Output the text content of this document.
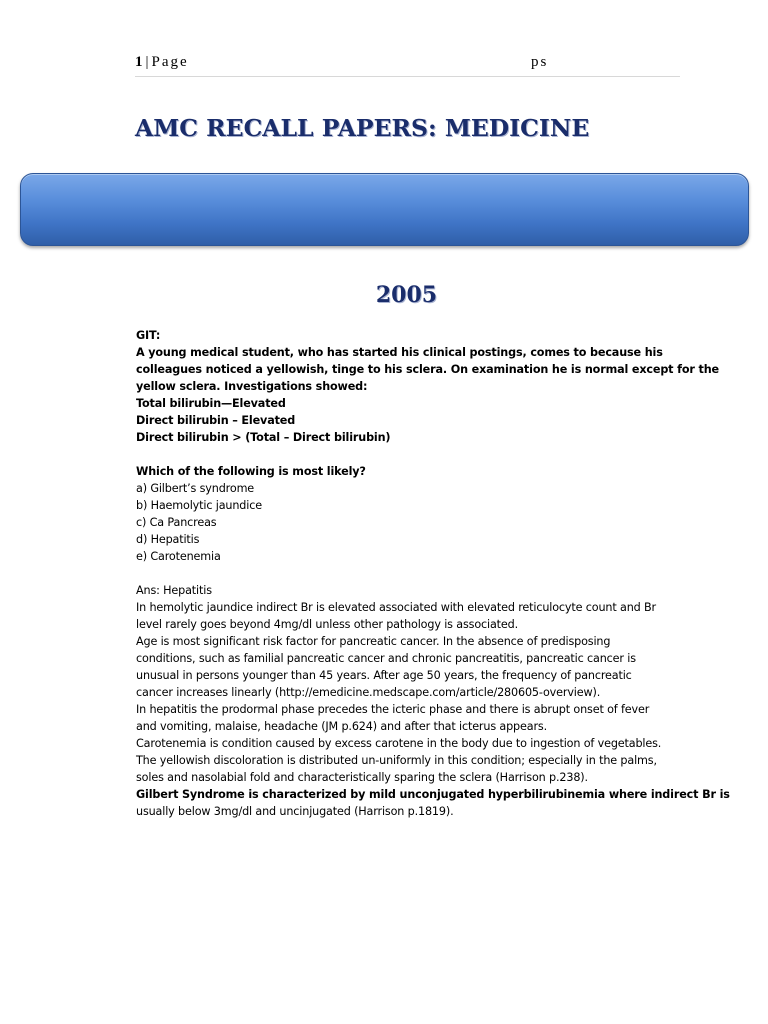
1|Page	ps
AMC RECALL PAPERS: MEDICINE
2005
GIT:
A young medical student, who has started his clinical postings, comes to because his
colleagues noticed a yellowish, tinge to his sclera. On examination he is normal except for the
yellow sclera. Investigations showed:
Total bilirubin—Elevated
Direct bilirubin – Elevated
Direct bilirubin > (Total – Direct bilirubin)
Which of the following is most likely?
a) Gilbert’s syndrome
b) Haemolytic jaundice
c) Ca Pancreas
d) Hepatitis
e) Carotenemia
Ans: Hepatitis
In hemolytic jaundice indirect Br is elevated associated with elevated reticulocyte count and Br
level rarely goes beyond 4mg/dl unless other pathology is associated.
Age is most significant risk factor for pancreatic cancer. In the absence of predisposing
conditions, such as familial pancreatic cancer and chronic pancreatitis, pancreatic cancer is
unusual in persons younger than 45 years. After age 50 years, the frequency of pancreatic
cancer increases linearly (http://emedicine.medscape.com/article/280605-overview).
In hepatitis the prodormal phase precedes the icteric phase and there is abrupt onset of fever
and vomiting, malaise, headache (JM p.624) and after that icterus appears.
Carotenemia is condition caused by excess carotene in the body due to ingestion of vegetables.
The yellowish discoloration is distributed un-uniformly in this condition; especially in the palms,
soles and nasolabial fold and characteristically sparing the sclera (Harrison p.238).
Gilbert Syndrome is characterized by mild unconjugated hyperbilirubinemia where indirect Br is
usually below 3mg/dl and uncinjugated (Harrison p.1819).
